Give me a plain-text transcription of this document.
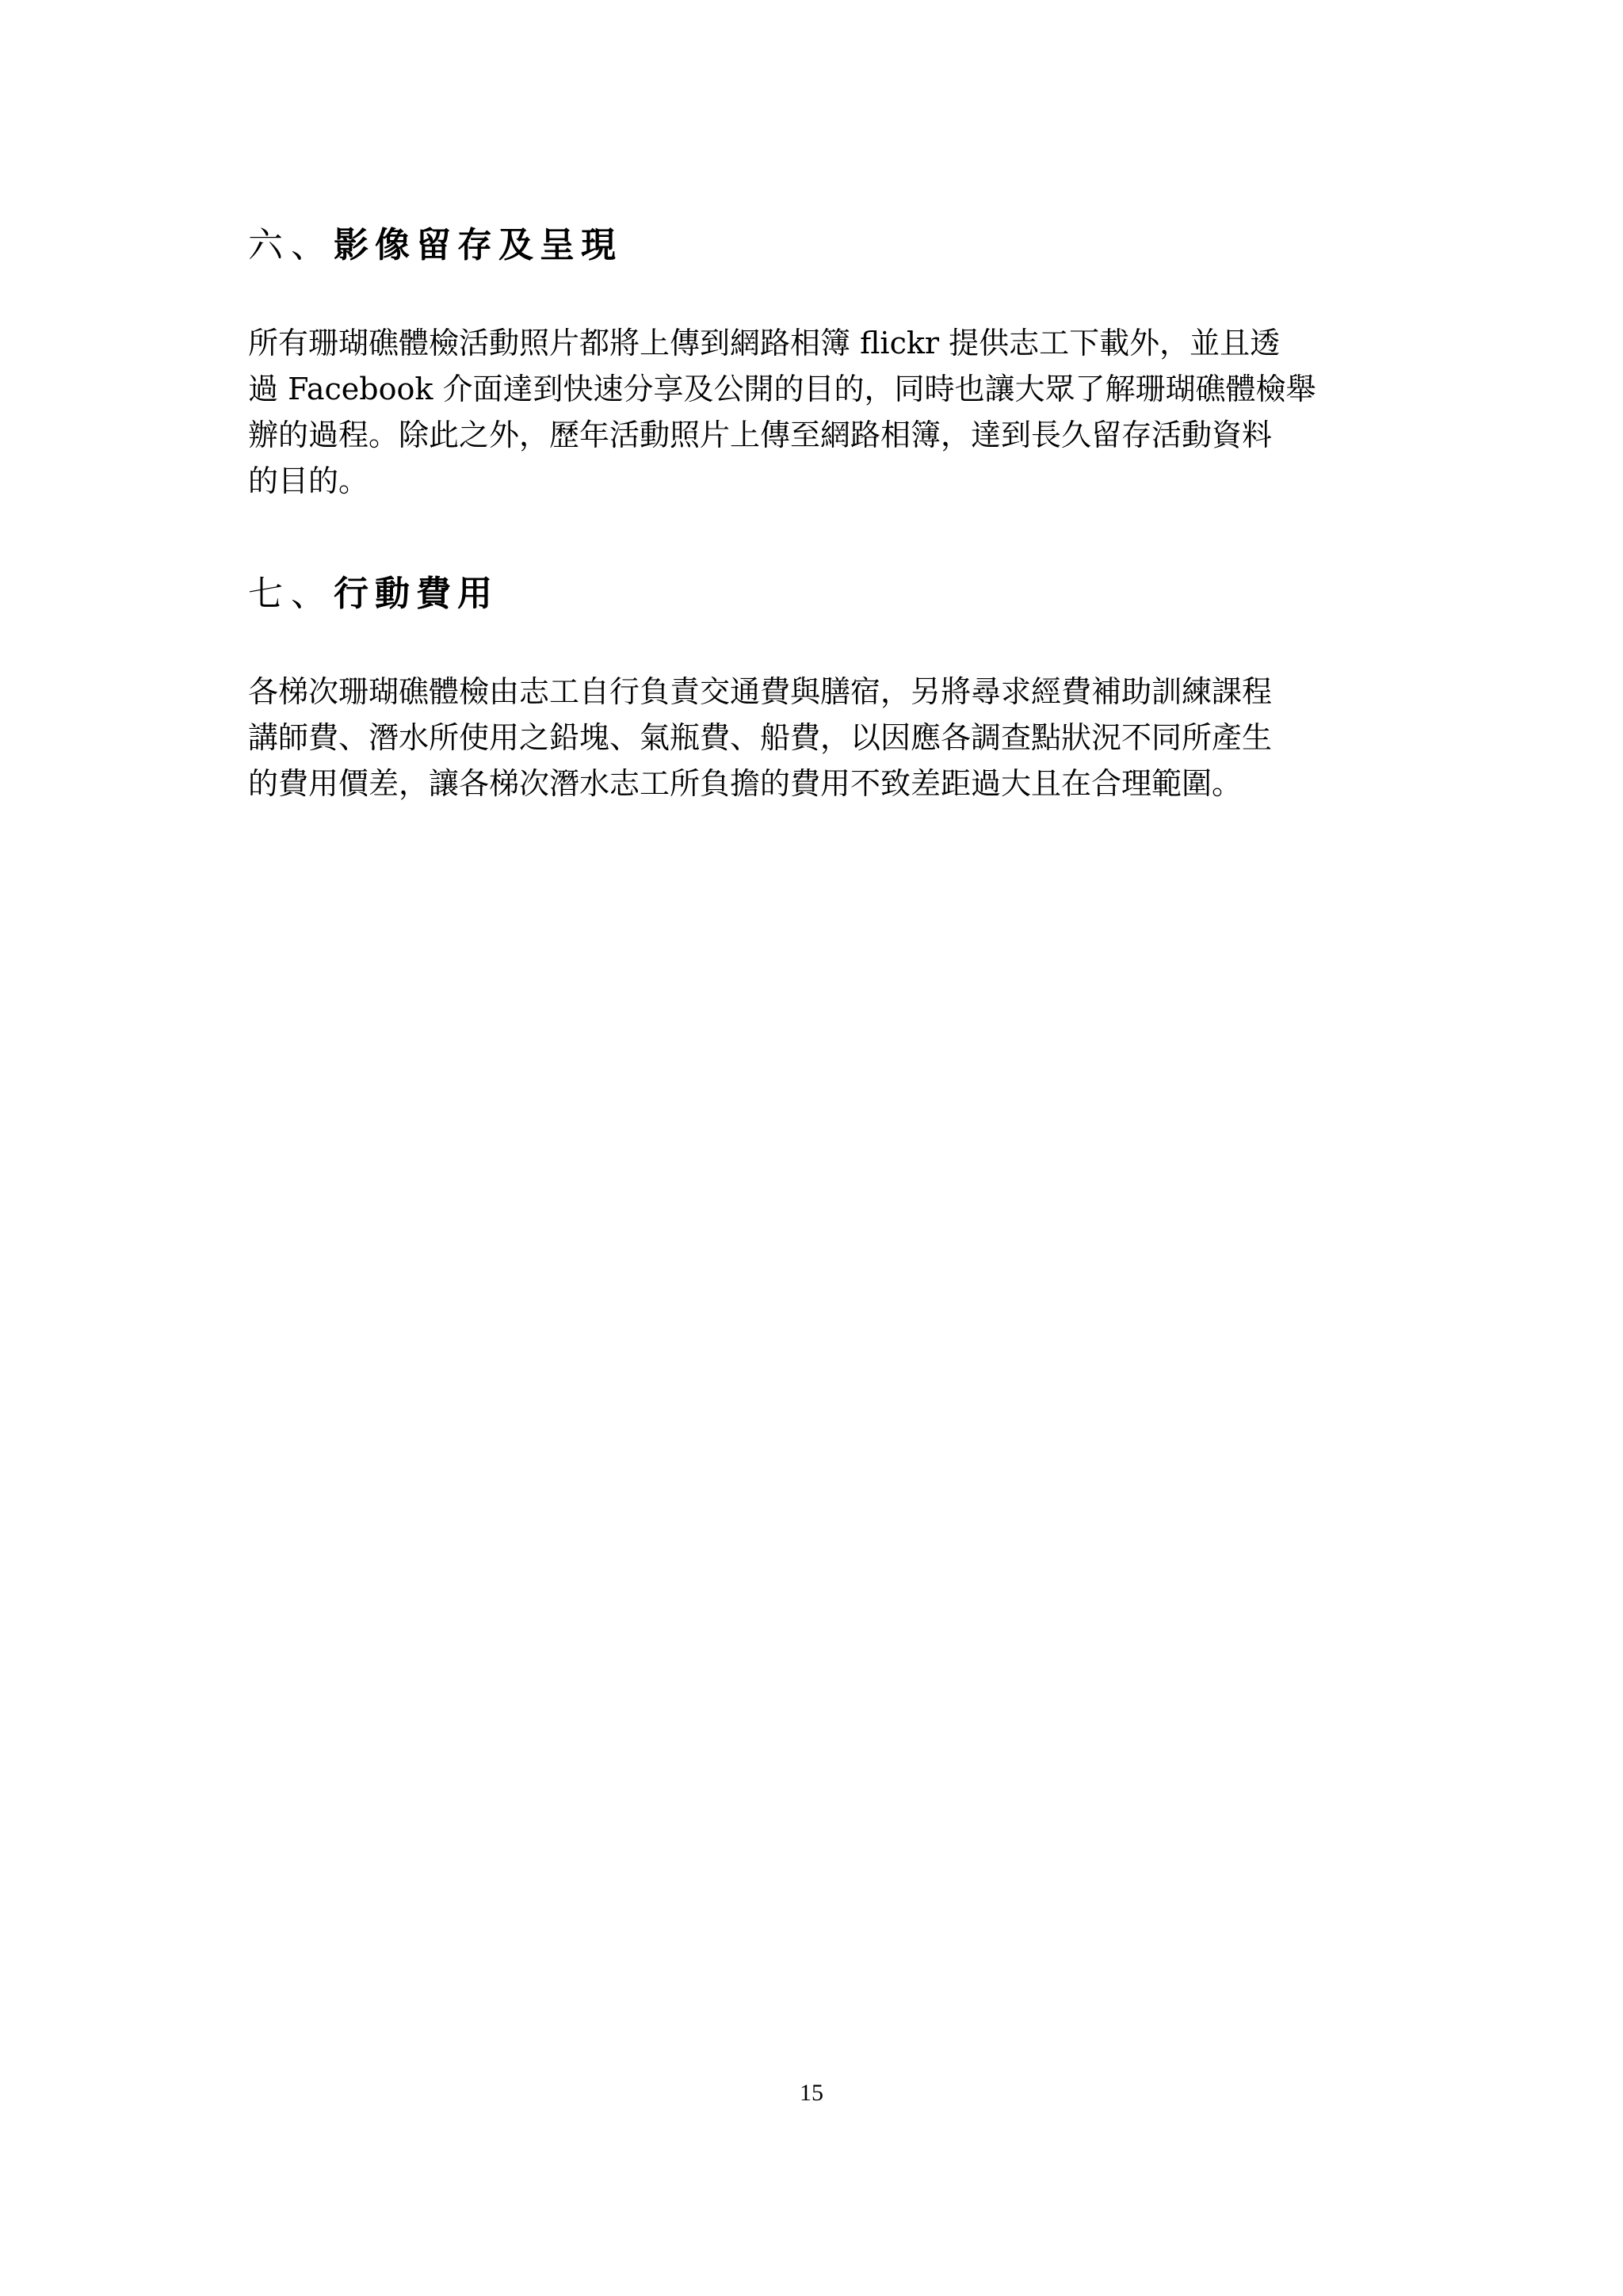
六、影像留存及呈現

所有珊瑚礁體檢活動照片都將上傳到網路相簿 flickr 提供志工下載外，並且透
過 Facebook 介面達到快速分享及公開的目的，同時也讓大眾了解珊瑚礁體檢舉
辦的過程。除此之外，歷年活動照片上傳至網路相簿，達到長久留存活動資料
的目的。

七、行動費用

各梯次珊瑚礁體檢由志工自行負責交通費與膳宿，另將尋求經費補助訓練課程
講師費、潛水所使用之鉛塊、氣瓶費、船費，以因應各調查點狀況不同所產生
的費用價差，讓各梯次潛水志工所負擔的費用不致差距過大且在合理範圍。

15
